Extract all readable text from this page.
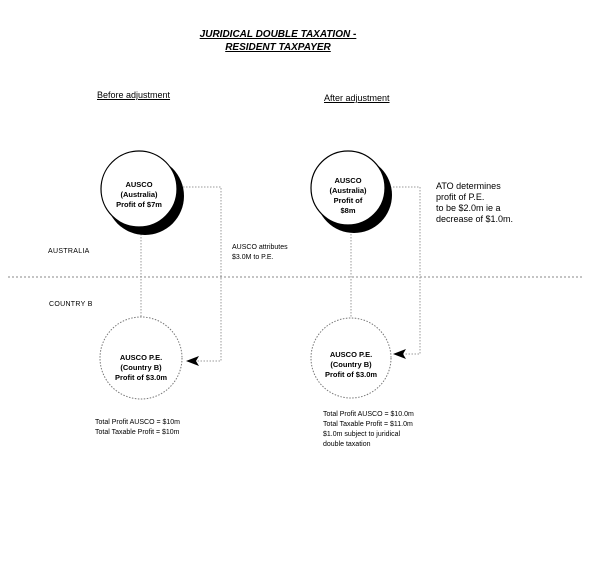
JURIDICAL DOUBLE TAXATION -
RESIDENT TAXPAYER
Before adjustment	After adjustment
AUSTRALIA
COUNTRY B
AUSCO
(Australia)
Profit of $7m
AUSCO
(Australia)
Profit of
$8m
AUSCO P.E.
(Country B)
Profit of $3.0m
AUSCO P.E.
(Country B)
Profit of $3.0m
AUSCO attributes
$3.0M to P.E.
ATO determines
profit of P.E.
to be $2.0m ie a
decrease of $1.0m.
Total Profit AUSCO = $10m
Total Taxable Profit = $10m
Total Profit AUSCO = $10.0m
Total Taxable Profit = $11.0m
$1.0m subject to juridical
double taxation
